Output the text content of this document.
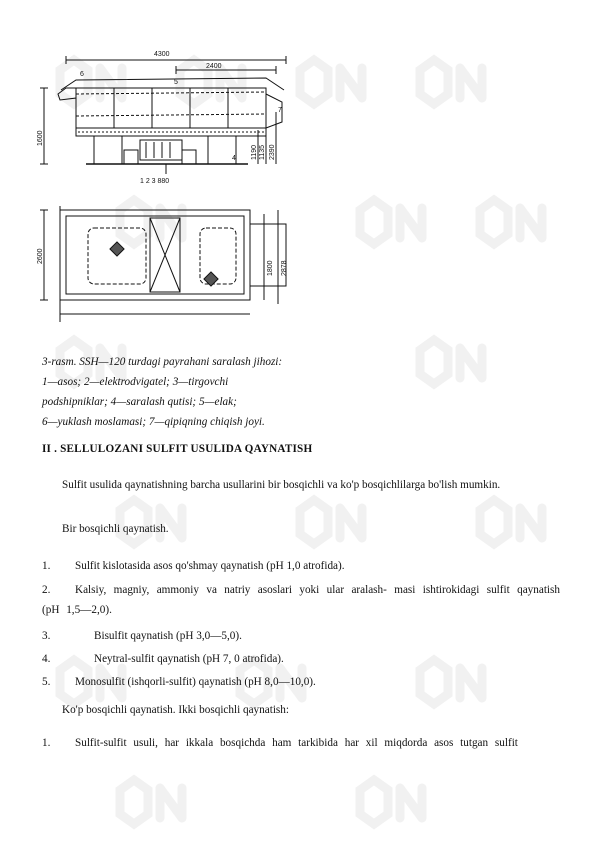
4300
2400
1600
1190 1135 2390
1 2 3 880
6
5
7
4
2600
1800 2878
3-rasm. SSH—120 turdagi payrahani saralash jihozi:
1—asos; 2—elektrodvigatel; 3—tirgovchi
podshipniklar; 4—saralash qutisi; 5—elak;
6—yuklash moslamasi; 7—qipiqning chiqish joyi.
II . SELLULOZANI SULFIT USULIDA QAYNATISH
Sulfit usulida qaynatishning barcha usullarini bir bosqichli va ko'p bosqichlilarga bo'lish mumkin.
Bir bosqichli qaynatish.
1.	Sulfit kislotasida asos qo'shmay qaynatish (pH 1,0 atrofida).
2.	Kalsiy, magniy, ammoniy va natriy asoslari yoki ular aralash- masi ishtirokidagi sulfit qaynatish (pH 1,5—2,0).
3.	Bisulfit qaynatish (pH 3,0—5,0).
4.	Neytral-sulfit qaynatish (pH 7, 0 atrofida).
5.	Monosulfit (ishqorli-sulfit) qaynatish (pH 8,0—10,0).
Ko'p bosqichli qaynatish. Ikki bosqichli qaynatish:
1.	Sulfit-sulfit usuli, har ikkala bosqichda ham tarkibida har xil miqdorda asos tutgan sulfit
